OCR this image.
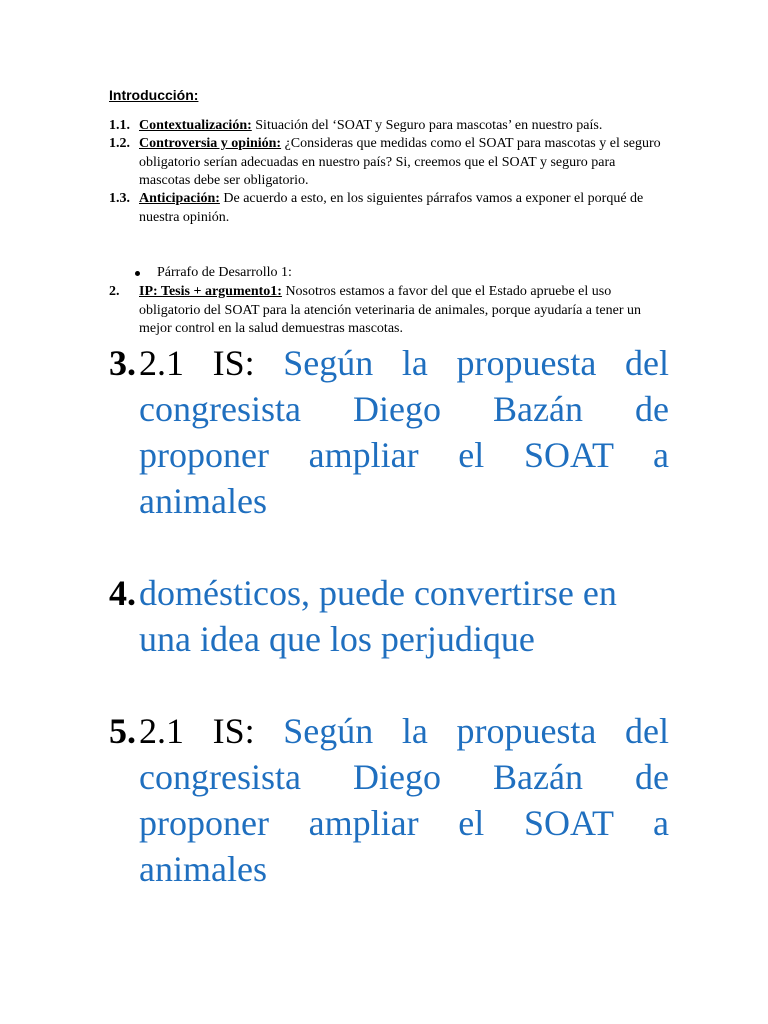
Introducción:
1.1. Contextualización: Situación del ‘SOAT y Seguro para mascotas’ en nuestro país.
1.2. Controversia y opinión: ¿Consideras que medidas como el SOAT para mascotas y el seguro obligatorio serían adecuadas en nuestro país? Si, creemos que el SOAT y seguro para mascotas debe ser obligatorio.
1.3. Anticipación: De acuerdo a esto, en los siguientes párrafos vamos a exponer el porqué de nuestra opinión.
Párrafo de Desarrollo 1:
2. IP: Tesis + argumento1: Nosotros estamos a favor del que el Estado apruebe el uso obligatorio del SOAT para la atención veterinaria de animales, porque ayudaría a tener un mejor control en la salud demuestras mascotas.
3. 2.1 IS: Según la propuesta del congresista Diego Bazán de proponer ampliar el SOAT a animales
4. domésticos, puede convertirse en una idea que los perjudique
5. 2.1 IS: Según la propuesta del congresista Diego Bazán de proponer ampliar el SOAT a animales
